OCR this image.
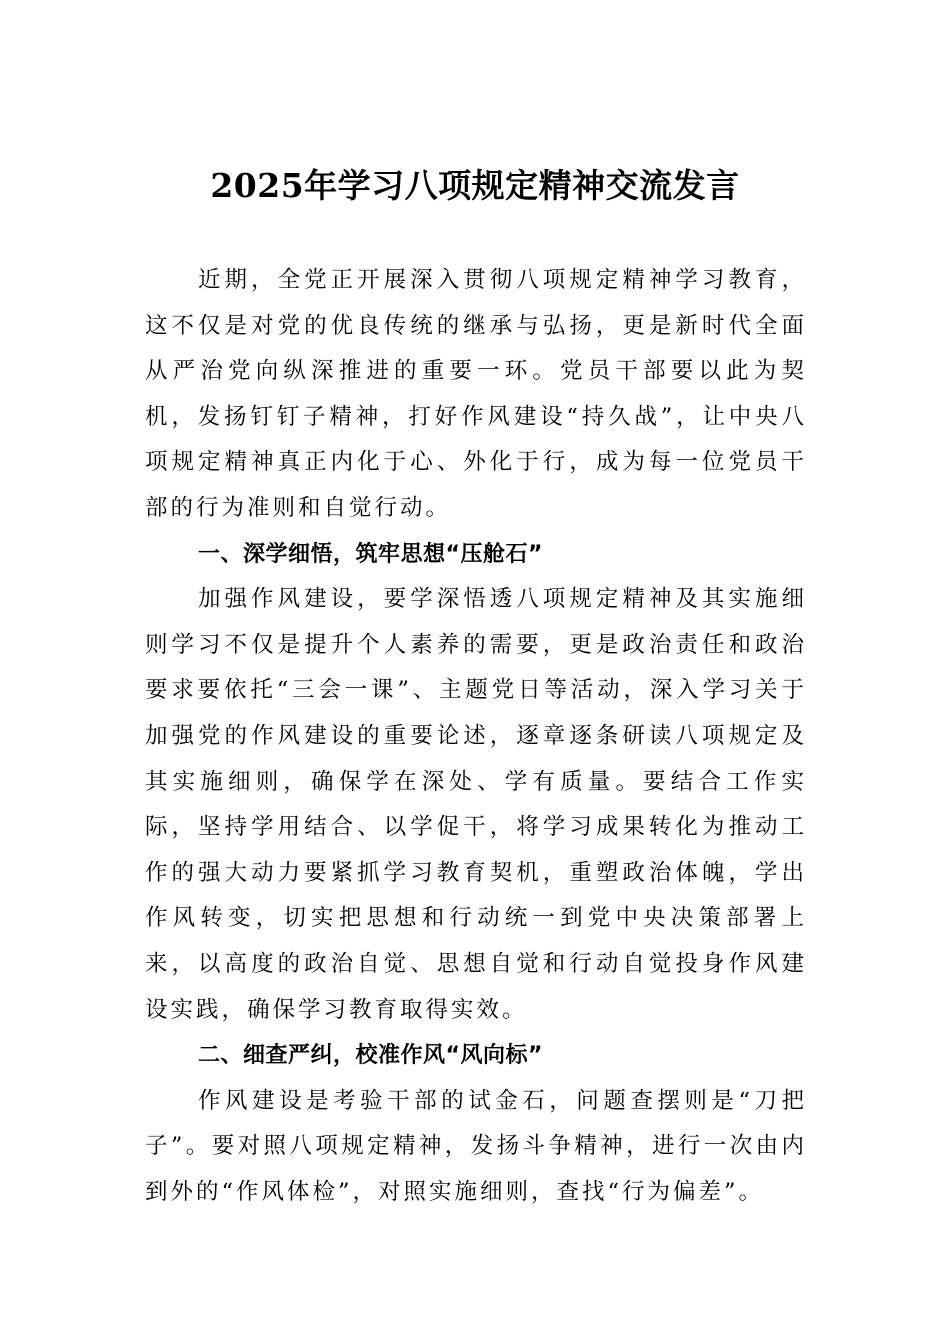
2025年学习八项规定精神交流发言

近期，全党正开展深入贯彻八项规定精神学习教育，这不仅是对党的优良传统的继承与弘扬，更是新时代全面从严治党向纵深推进的重要一环。党员干部要以此为契机，发扬钉钉子精神，打好作风建设“持久战”，让中央八项规定精神真正内化于心、外化于行，成为每一位党员干部的行为准则和自觉行动。

一、深学细悟，筑牢思想“压舱石”

加强作风建设，要学深悟透八项规定精神及其实施细则学习不仅是提升个人素养的需要，更是政治责任和政治要求要依托“三会一课”、主题党日等活动，深入学习关于加强党的作风建设的重要论述，逐章逐条研读八项规定及其实施细则，确保学在深处、学有质量。要结合工作实际，坚持学用结合、以学促干，将学习成果转化为推动工作的强大动力要紧抓学习教育契机，重塑政治体魄，学出作风转变，切实把思想和行动统一到党中央决策部署上来，以高度的政治自觉、思想自觉和行动自觉投身作风建设实践，确保学习教育取得实效。

二、细查严纠，校准作风“风向标”

作风建设是考验干部的试金石，问题查摆则是“刀把子”。要对照八项规定精神，发扬斗争精神，进行一次由内到外的“作风体检”，对照实施细则，查找“行为偏差”。
